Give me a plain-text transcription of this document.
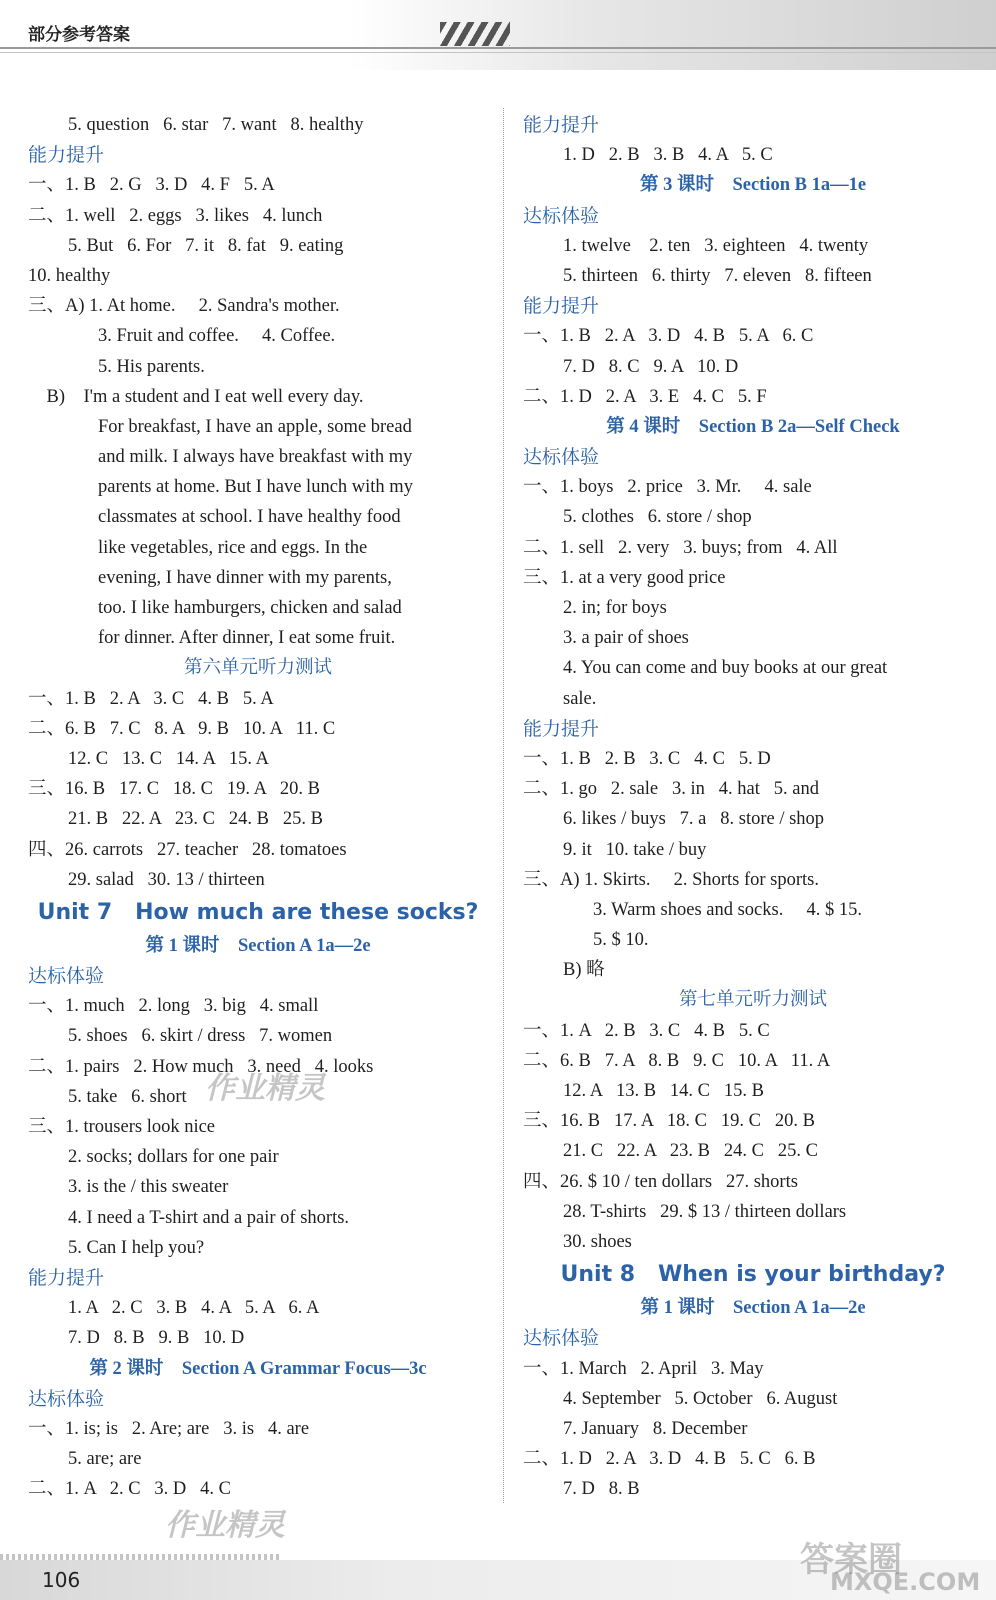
部分参考答案
5. question   6. star   7. want   8. healthy
能力提升
一、1. B   2. G   3. D   4. F   5. A
二、1. well   2. eggs   3. likes   4. lunch
5. But   6. For   7. it   8. fat   9. eating
10. healthy
三、A) 1. At home.     2. Sandra's mother.
3. Fruit and coffee.     4. Coffee.
5. His parents.
B)    I'm a student and I eat well every day.
For breakfast, I have an apple, some bread
and milk. I always have breakfast with my
parents at home. But I have lunch with my
classmates at school. I have healthy food
like vegetables, rice and eggs. In the
evening, I have dinner with my parents,
too. I like hamburgers, chicken and salad
for dinner. After dinner, I eat some fruit.
第六单元听力测试
一、1. B   2. A   3. C   4. B   5. A
二、6. B   7. C   8. A   9. B   10. A   11. C
12. C   13. C   14. A   15. A
三、16. B   17. C   18. C   19. A   20. B
21. B   22. A   23. C   24. B   25. B
四、26. carrots   27. teacher   28. tomatoes
29. salad   30. 13 / thirteen
Unit 7   How much are these socks?
第 1 课时    Section A 1a—2e
达标体验
一、1. much   2. long   3. big   4. small
5. shoes   6. skirt / dress   7. women
二、1. pairs   2. How much   3. need   4. looks
5. take   6. short
三、1. trousers look nice
2. socks; dollars for one pair
3. is the / this sweater
4. I need a T-shirt and a pair of shorts.
5. Can I help you?
能力提升
1. A   2. C   3. B   4. A   5. A   6. A
7. D   8. B   9. B   10. D
第 2 课时    Section A Grammar Focus—3c
达标体验
一、1. is; is   2. Are; are   3. is   4. are
5. are; are
二、1. A   2. C   3. D   4. C
能力提升
1. D   2. B   3. B   4. A   5. C
第 3 课时    Section B 1a—1e
达标体验
1. twelve    2. ten   3. eighteen   4. twenty
5. thirteen   6. thirty   7. eleven   8. fifteen
能力提升
一、1. B   2. A   3. D   4. B   5. A   6. C
7. D   8. C   9. A   10. D
二、1. D   2. A   3. E   4. C   5. F
第 4 课时    Section B 2a—Self Check
达标体验
一、1. boys   2. price   3. Mr.     4. sale
5. clothes   6. store / shop
二、1. sell   2. very   3. buys; from   4. All
三、1. at a very good price
2. in; for boys
3. a pair of shoes
4. You can come and buy books at our great
sale.
能力提升
一、1. B   2. B   3. C   4. C   5. D
二、1. go   2. sale   3. in   4. hat   5. and
6. likes / buys   7. a   8. store / shop
9. it   10. take / buy
三、A) 1. Skirts.     2. Shorts for sports.
3. Warm shoes and socks.     4. $ 15.
5. $ 10.
B) 略
第七单元听力测试
一、1. A   2. B   3. C   4. B   5. C
二、6. B   7. A   8. B   9. C   10. A   11. A
12. A   13. B   14. C   15. B
三、16. B   17. A   18. C   19. C   20. B
21. C   22. A   23. B   24. C   25. C
四、26. $ 10 / ten dollars   27. shorts
28. T-shirts   29. $ 13 / thirteen dollars
30. shoes
Unit 8   When is your birthday?
第 1 课时    Section A 1a—2e
达标体验
一、1. March   2. April   3. May
4. September   5. October   6. August
7. January   8. December
二、1. D   2. A   3. D   4. B   5. C   6. B
7. D   8. B
作业精灵
作业精灵
106	答案圈
MXQE.COM
